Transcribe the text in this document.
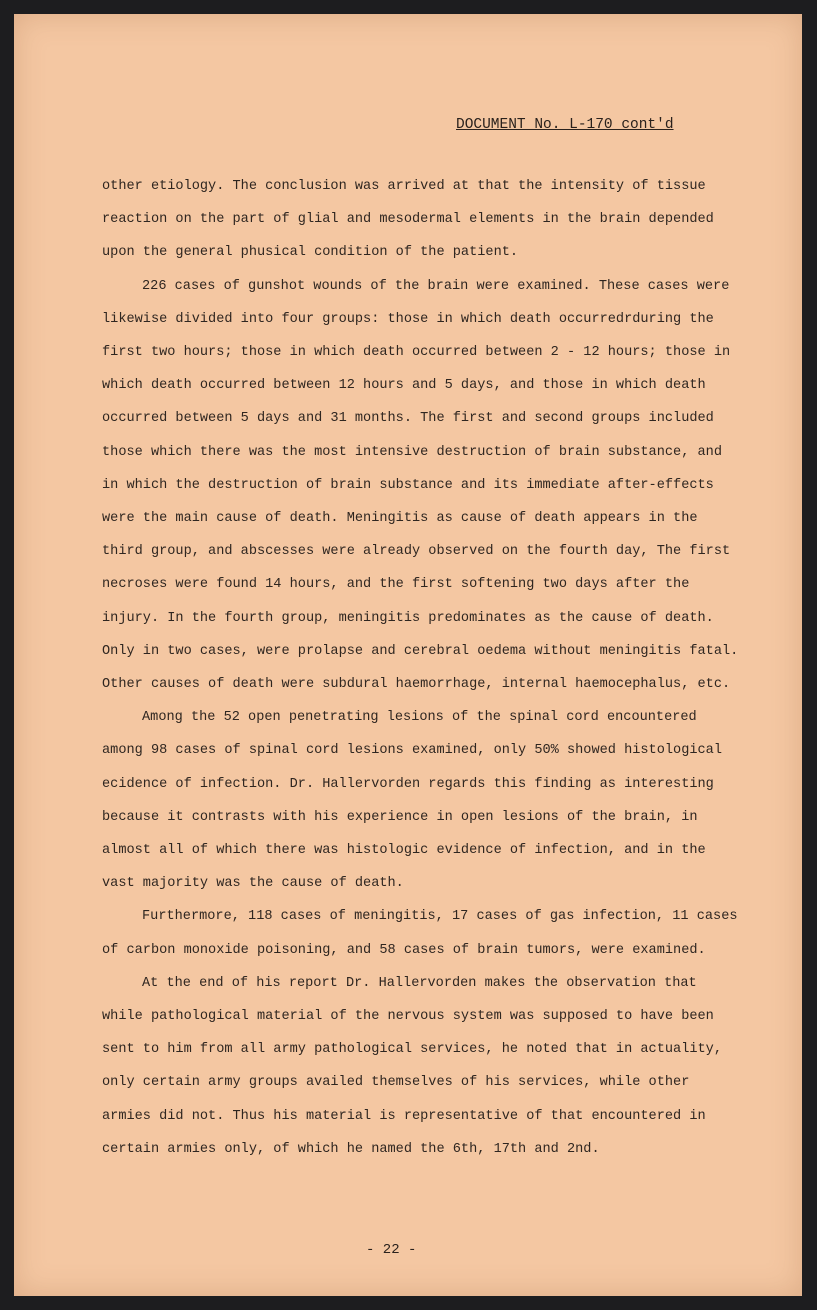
DOCUMENT No. L-170 cont'd

other etiology. The conclusion was arrived at that the intensity of tissue reaction on the part of glial and mesodermal elements in the brain depended upon the general phusical condition of the patient.

226 cases of gunshot wounds of the brain were examined. These cases were likewise divided into four groups: those in which death occurredrduring the first two hours; those in which death occurred between 2 - 12 hours; those in which death occurred between 12 hours and 5 days, and those in which death occurred between 5 days and 31 months. The first and second groups included those which there was the most intensive destruction of brain substance, and in which the destruction of brain substance and its immediate after-effects were the main cause of death. Meningitis as cause of death appears in the third group, and abscesses were already observed on the fourth day, The first necroses were found 14 hours, and the first softening two days after the injury. In the fourth group, meningitis predominates as the cause of death. Only in two cases, were prolapse and cerebral oedema without meningitis fatal. Other causes of death were subdural haemorrhage, internal haemocephalus, etc.

Among the 52 open penetrating lesions of the spinal cord encountered among 98 cases of spinal cord lesions examined, only 50% showed histological ecidence of infection. Dr. Hallervorden regards this finding as interesting because it contrasts with his experience in open lesions of the brain, in almost all of which there was histologic evidence of infection, and in the vast majority was the cause of death.

Furthermore, 118 cases of meningitis, 17 cases of gas infection, 11 cases of carbon monoxide poisoning, and 58 cases of brain tumors, were examined.

At the end of his report Dr. Hallervorden makes the observation that while pathological material of the nervous system was supposed to have been sent to him from all army pathological services, he noted that in actuality, only certain army groups availed themselves of his services, while other armies did not. Thus his material is representative of that encountered in certain armies only, of which he named the 6th, 17th and 2nd.

- 22 -
